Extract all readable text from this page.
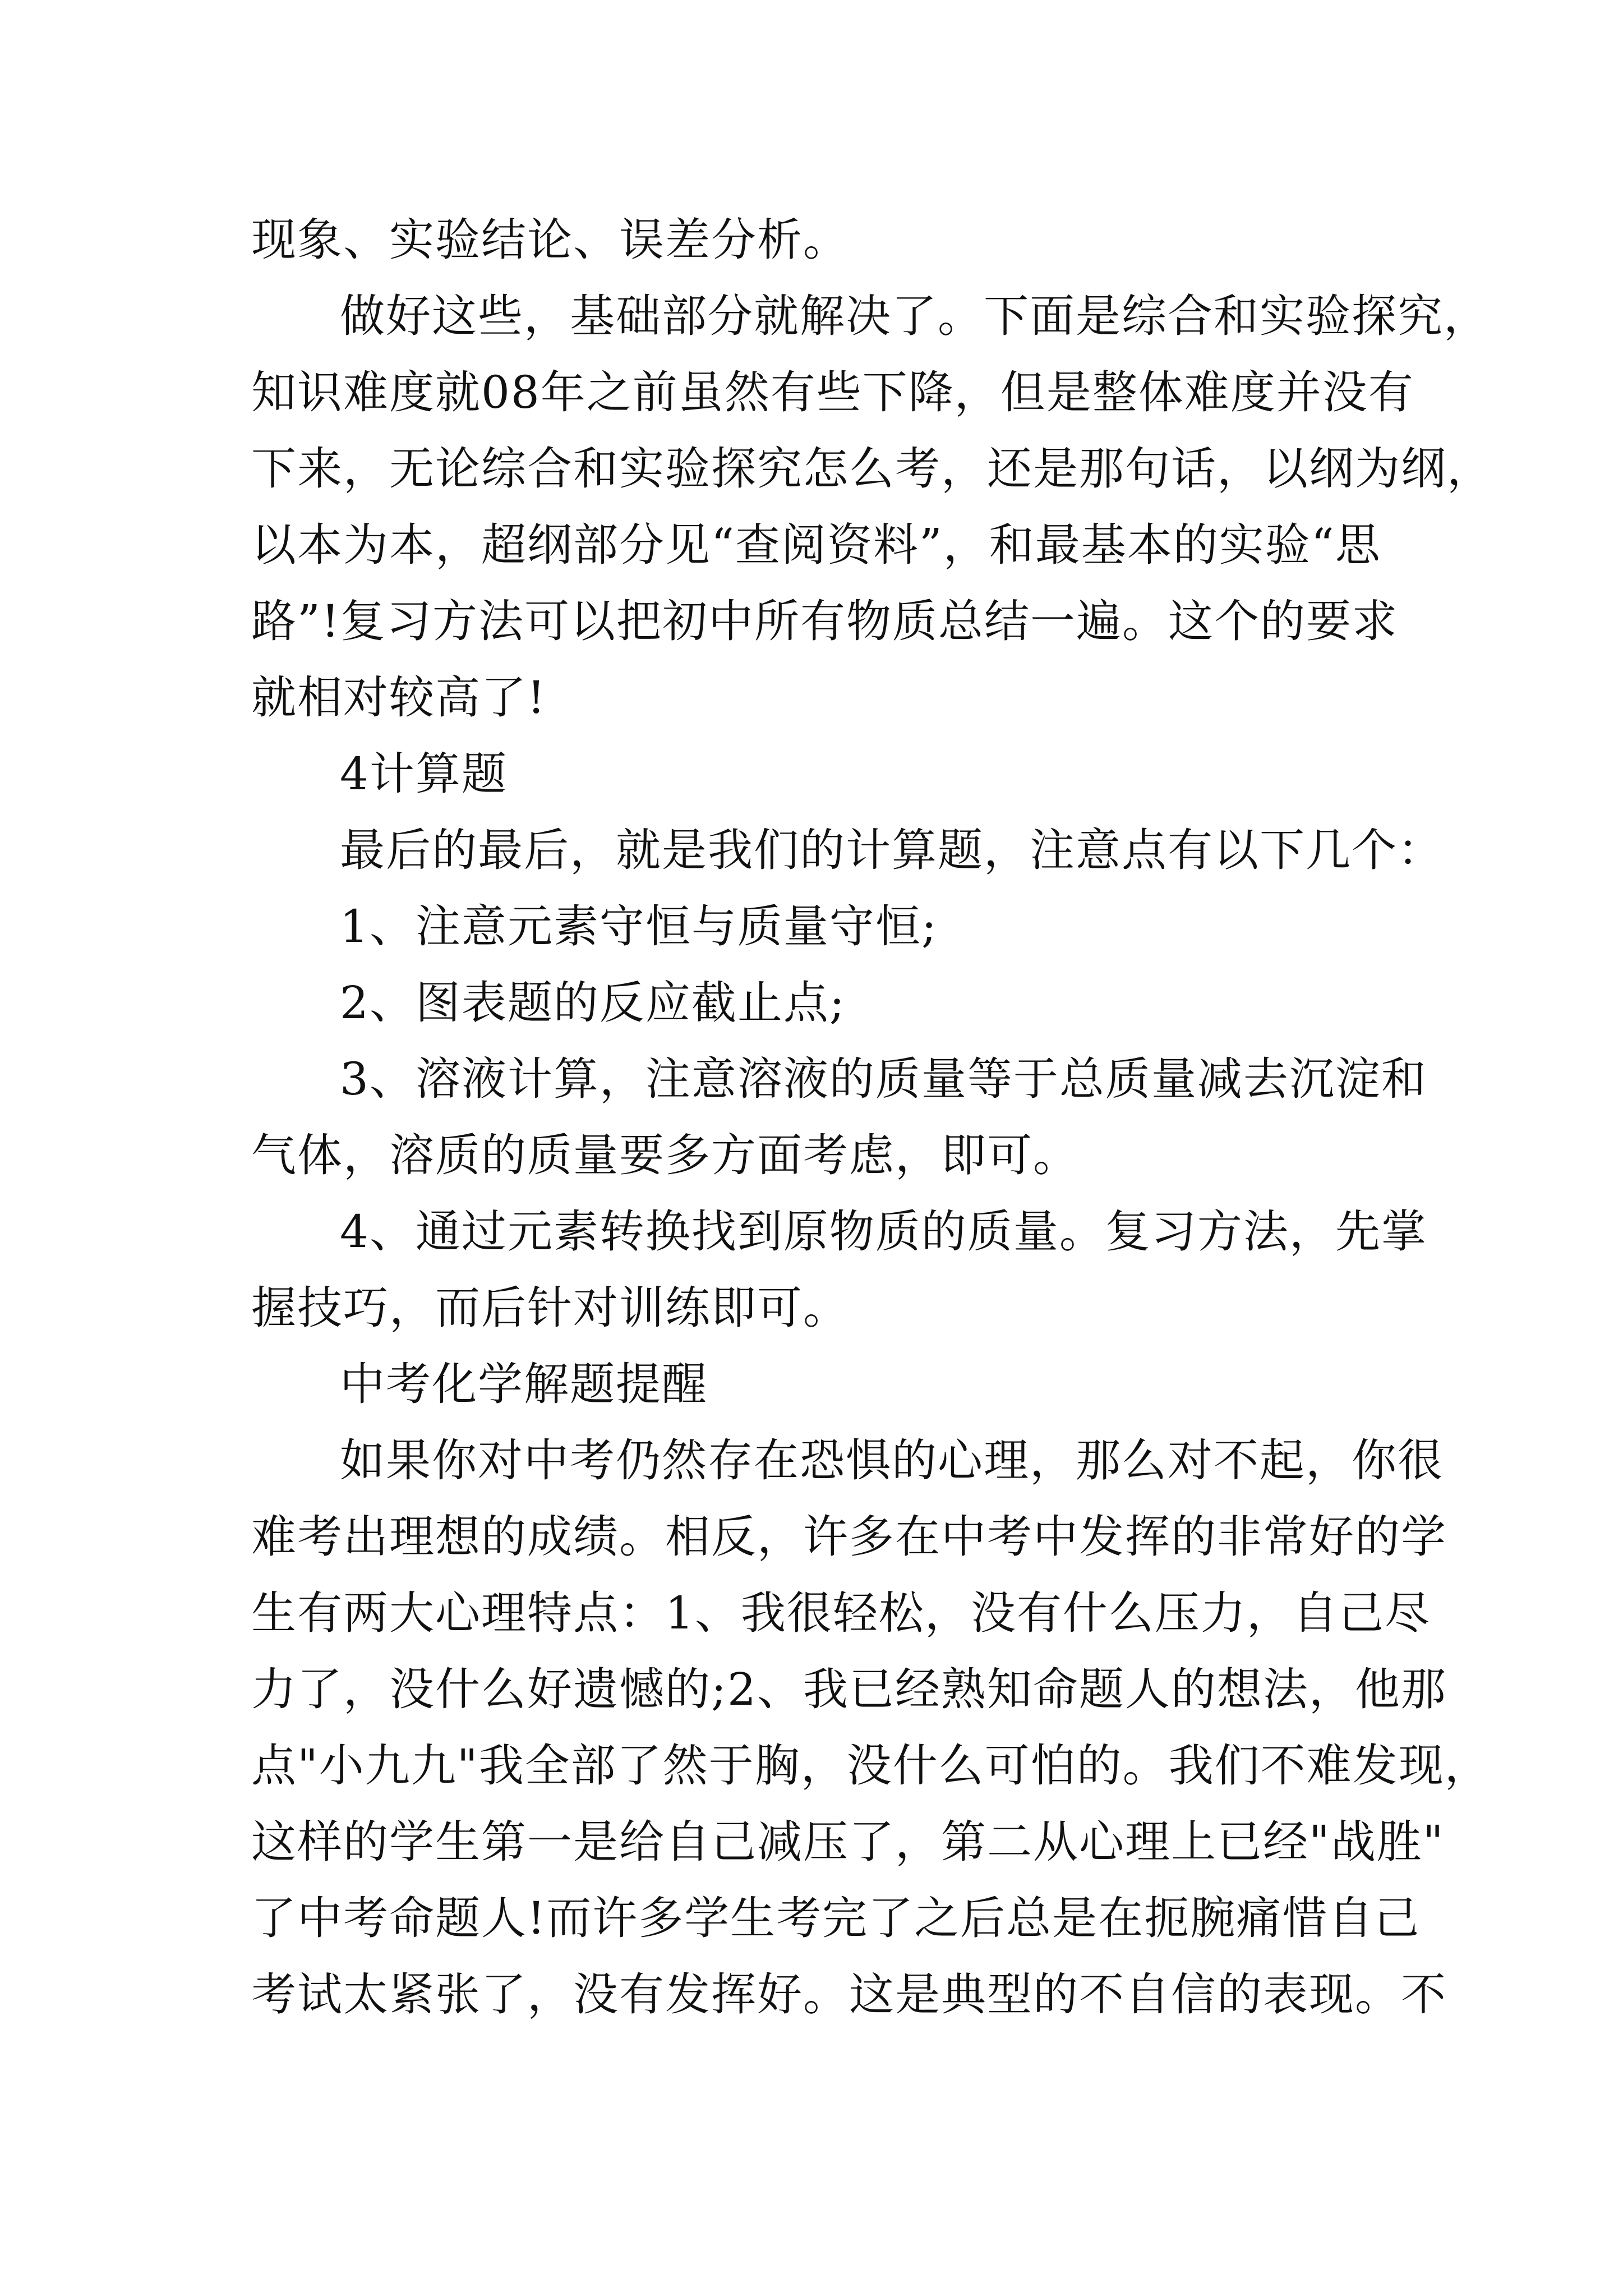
现象、实验结论、误差分析。
做好这些，基础部分就解决了。下面是综合和实验探究，
知识难度就08年之前虽然有些下降，但是整体难度并没有
下来，无论综合和实验探究怎么考，还是那句话，以纲为纲，
以本为本，超纲部分见“查阅资料”，和最基本的实验“思
路”!复习方法可以把初中所有物质总结一遍。这个的要求
就相对较高了!
4计算题
最后的最后，就是我们的计算题，注意点有以下几个：
1、注意元素守恒与质量守恒;
2、图表题的反应截止点;
3、溶液计算，注意溶液的质量等于总质量减去沉淀和
气体，溶质的质量要多方面考虑，即可。
4、通过元素转换找到原物质的质量。复习方法，先掌
握技巧，而后针对训练即可。
中考化学解题提醒
如果你对中考仍然存在恐惧的心理，那么对不起，你很
难考出理想的成绩。相反，许多在中考中发挥的非常好的学
生有两大心理特点：1、我很轻松，没有什么压力，自己尽
力了，没什么好遗憾的;2、我已经熟知命题人的想法，他那
点"小九九"我全部了然于胸，没什么可怕的。我们不难发现，
这样的学生第一是给自己减压了，第二从心理上已经"战胜"
了中考命题人!而许多学生考完了之后总是在扼腕痛惜自己
考试太紧张了，没有发挥好。这是典型的不自信的表现。不
